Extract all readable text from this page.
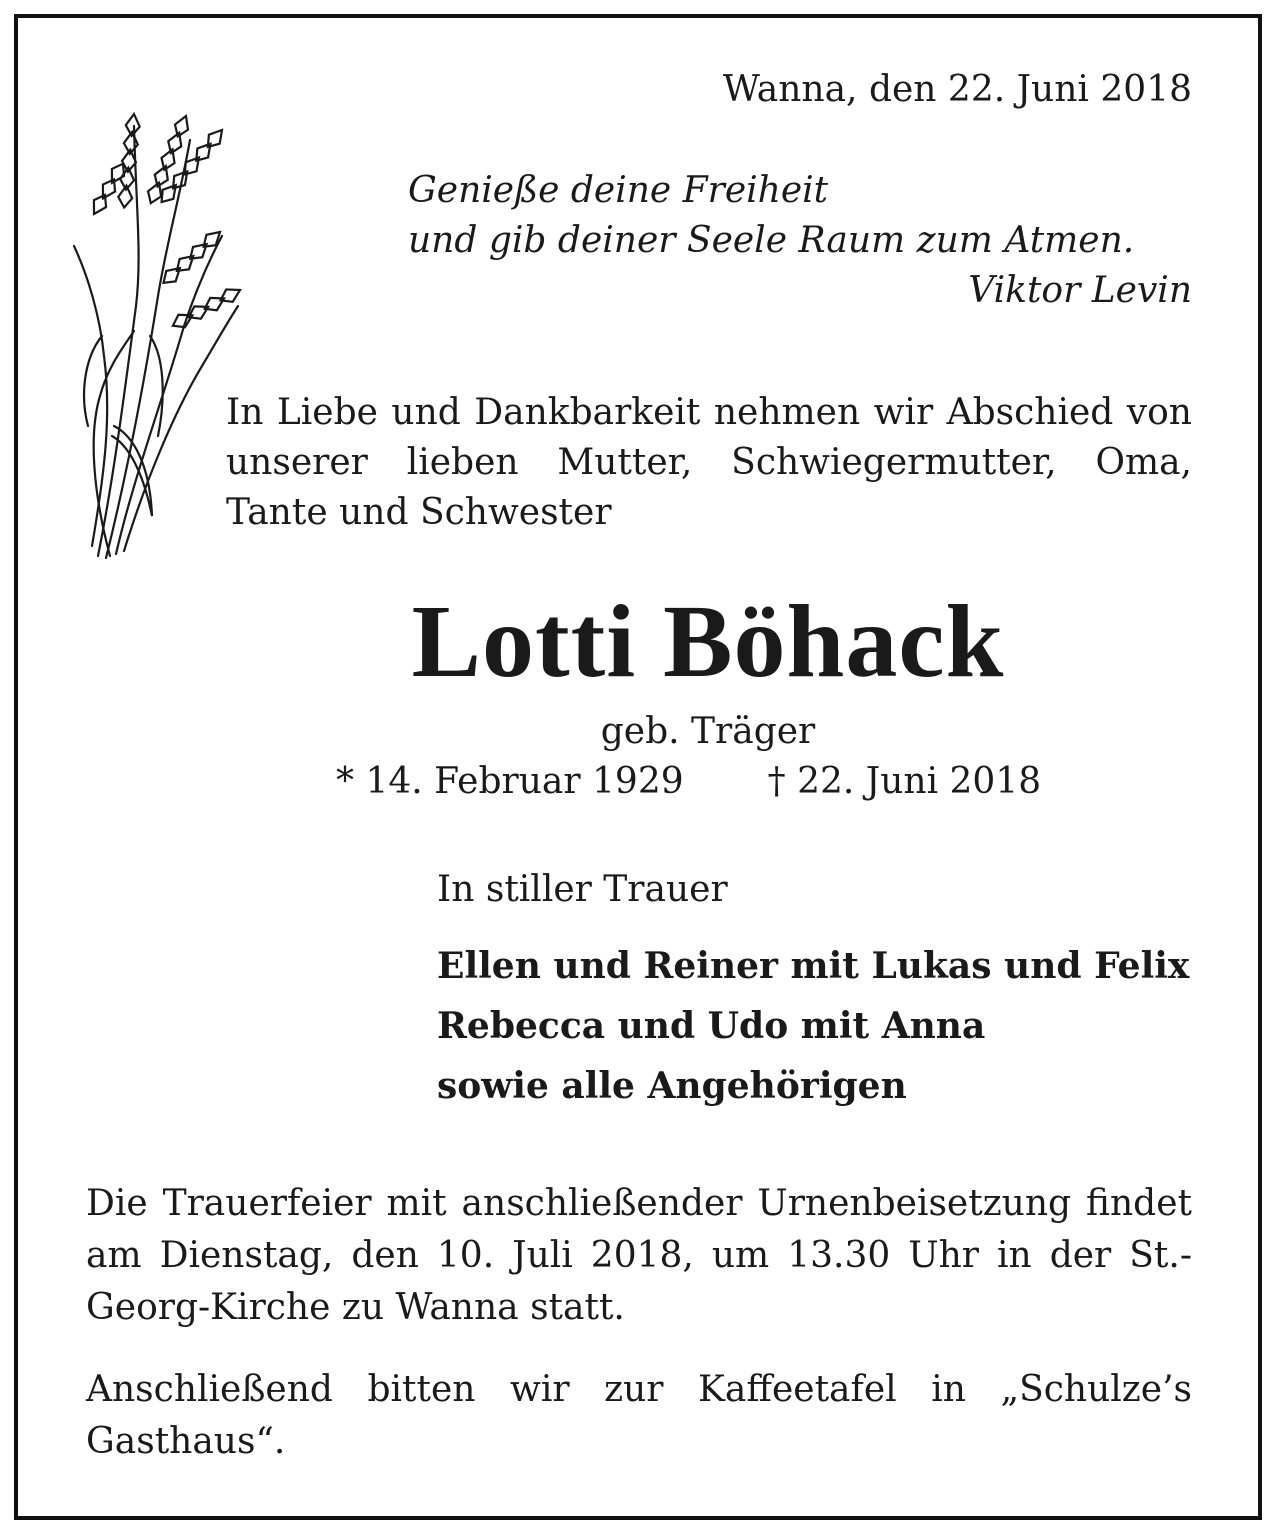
Wanna, den 22. Juni 2018
Genieße deine Freiheit
und gib deiner Seele Raum zum Atmen.
Viktor Levin
In Liebe und Dankbarkeit nehmen wir Abschied von unserer lieben Mutter, Schwiegermutter, Oma, Tante und Schwester
Lotti Böhack
geb. Träger
* 14. Februar 1929 † 22. Juni 2018
In stiller Trauer
Ellen und Reiner mit Lukas und Felix
Rebecca und Udo mit Anna
sowie alle Angehörigen
Die Trauerfeier mit anschließender Urnenbeisetzung findet am Dienstag, den 10. Juli 2018, um 13.30 Uhr in der St.-Georg-Kirche zu Wanna statt.
Anschließend bitten wir zur Kaffeetafel in „Schulze’s Gasthaus“.
